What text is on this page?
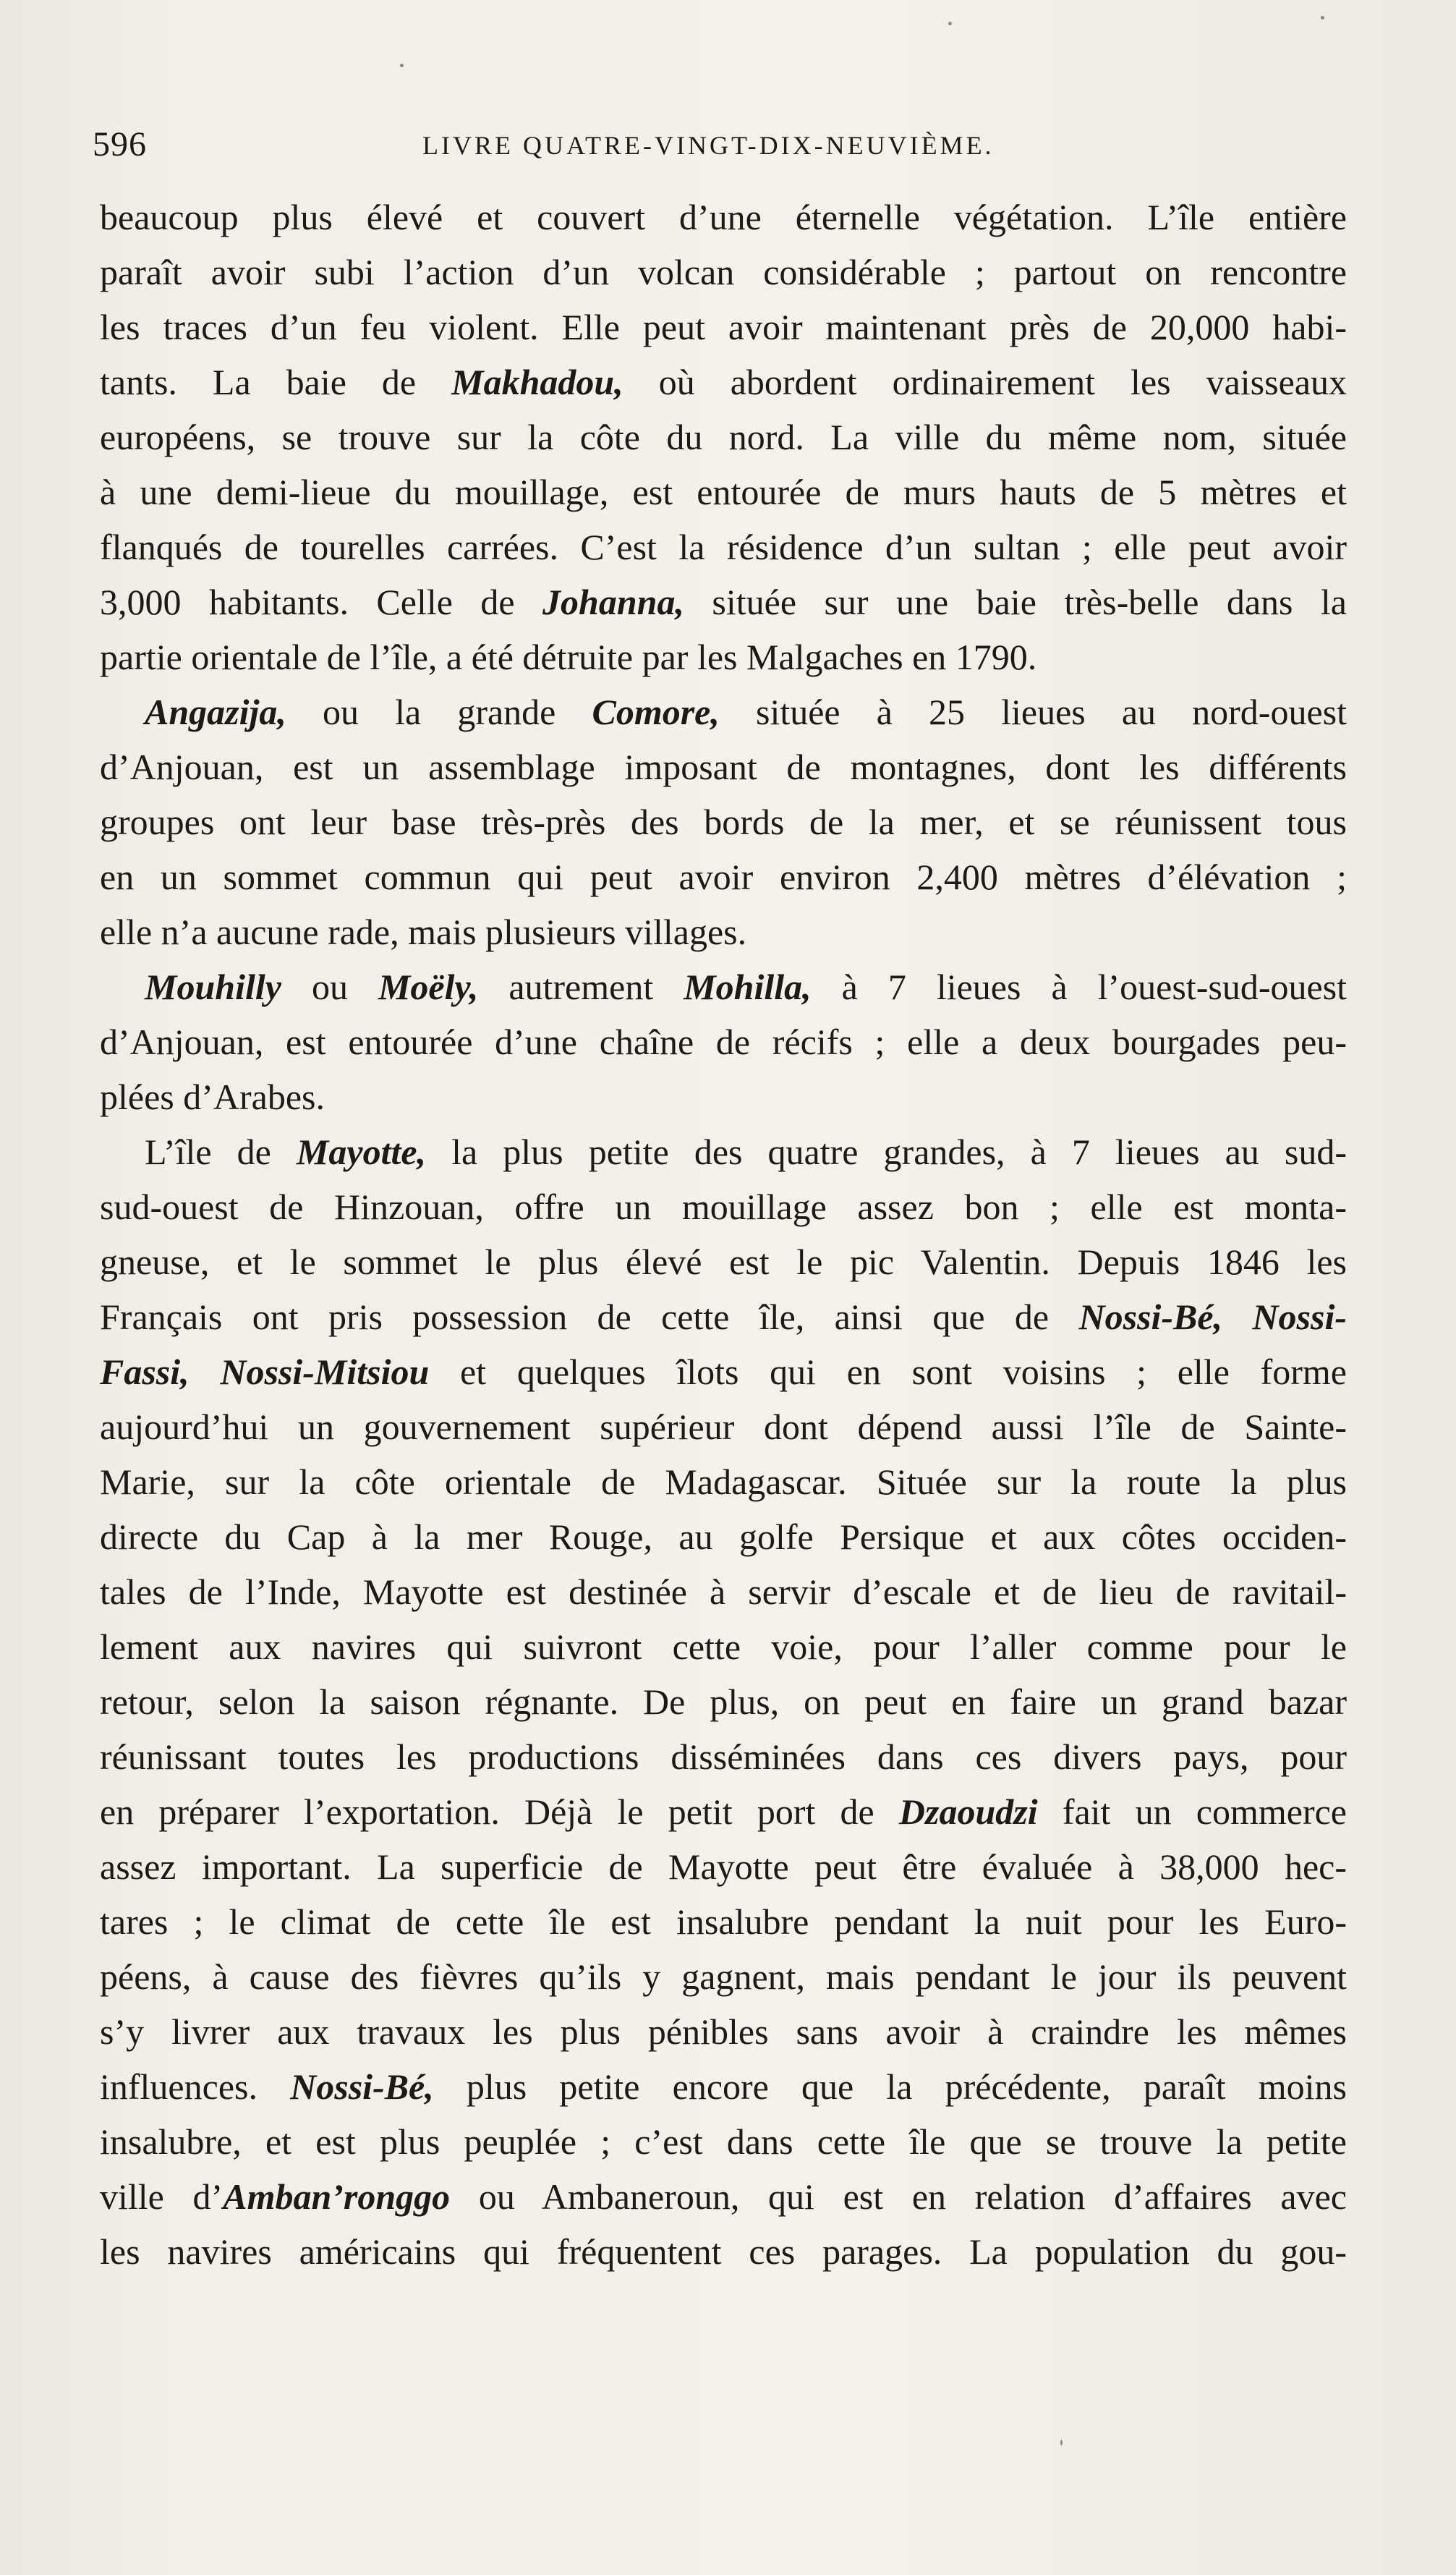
596	LIVRE QUATRE-VINGT-DIX-NEUVIÈME.
beaucoup plus élevé et couvert d’une éternelle végétation. L’île entière
paraît avoir subi l’action d’un volcan considérable ; partout on rencontre
les traces d’un feu violent. Elle peut avoir maintenant près de 20,000 habi-
tants. La baie de Makhadou, où abordent ordinairement les vaisseaux
européens, se trouve sur la côte du nord. La ville du même nom, située
à une demi-lieue du mouillage, est entourée de murs hauts de 5 mètres et
flanqués de tourelles carrées. C’est la résidence d’un sultan ; elle peut avoir
3,000 habitants. Celle de Johanna, située sur une baie très-belle dans la
partie orientale de l’île, a été détruite par les Malgaches en 1790.
Angazija, ou la grande Comore, située à 25 lieues au nord-ouest
d’Anjouan, est un assemblage imposant de montagnes, dont les différents
groupes ont leur base très-près des bords de la mer, et se réunissent tous
en un sommet commun qui peut avoir environ 2,400 mètres d’élévation ;
elle n’a aucune rade, mais plusieurs villages.
Mouhilly ou Moëly, autrement Mohilla, à 7 lieues à l’ouest-sud-ouest
d’Anjouan, est entourée d’une chaîne de récifs ; elle a deux bourgades peu-
plées d’Arabes.
L’île de Mayotte, la plus petite des quatre grandes, à 7 lieues au sud-
sud-ouest de Hinzouan, offre un mouillage assez bon ; elle est monta-
gneuse, et le sommet le plus élevé est le pic Valentin. Depuis 1846 les
Français ont pris possession de cette île, ainsi que de Nossi-Bé, Nossi-
Fassi, Nossi-Mitsiou et quelques îlots qui en sont voisins ; elle forme
aujourd’hui un gouvernement supérieur dont dépend aussi l’île de Sainte-
Marie, sur la côte orientale de Madagascar. Située sur la route la plus
directe du Cap à la mer Rouge, au golfe Persique et aux côtes occiden-
tales de l’Inde, Mayotte est destinée à servir d’escale et de lieu de ravitail-
lement aux navires qui suivront cette voie, pour l’aller comme pour le
retour, selon la saison régnante. De plus, on peut en faire un grand bazar
réunissant toutes les productions disséminées dans ces divers pays, pour
en préparer l’exportation. Déjà le petit port de Dzaoudzi fait un commerce
assez important. La superficie de Mayotte peut être évaluée à 38,000 hec-
tares ; le climat de cette île est insalubre pendant la nuit pour les Euro-
péens, à cause des fièvres qu’ils y gagnent, mais pendant le jour ils peuvent
s’y livrer aux travaux les plus pénibles sans avoir à craindre les mêmes
influences. Nossi-Bé, plus petite encore que la précédente, paraît moins
insalubre, et est plus peuplée ; c’est dans cette île que se trouve la petite
ville d’Amban’ronggo ou Ambaneroun, qui est en relation d’affaires avec
les navires américains qui fréquentent ces parages. La population du gou-
